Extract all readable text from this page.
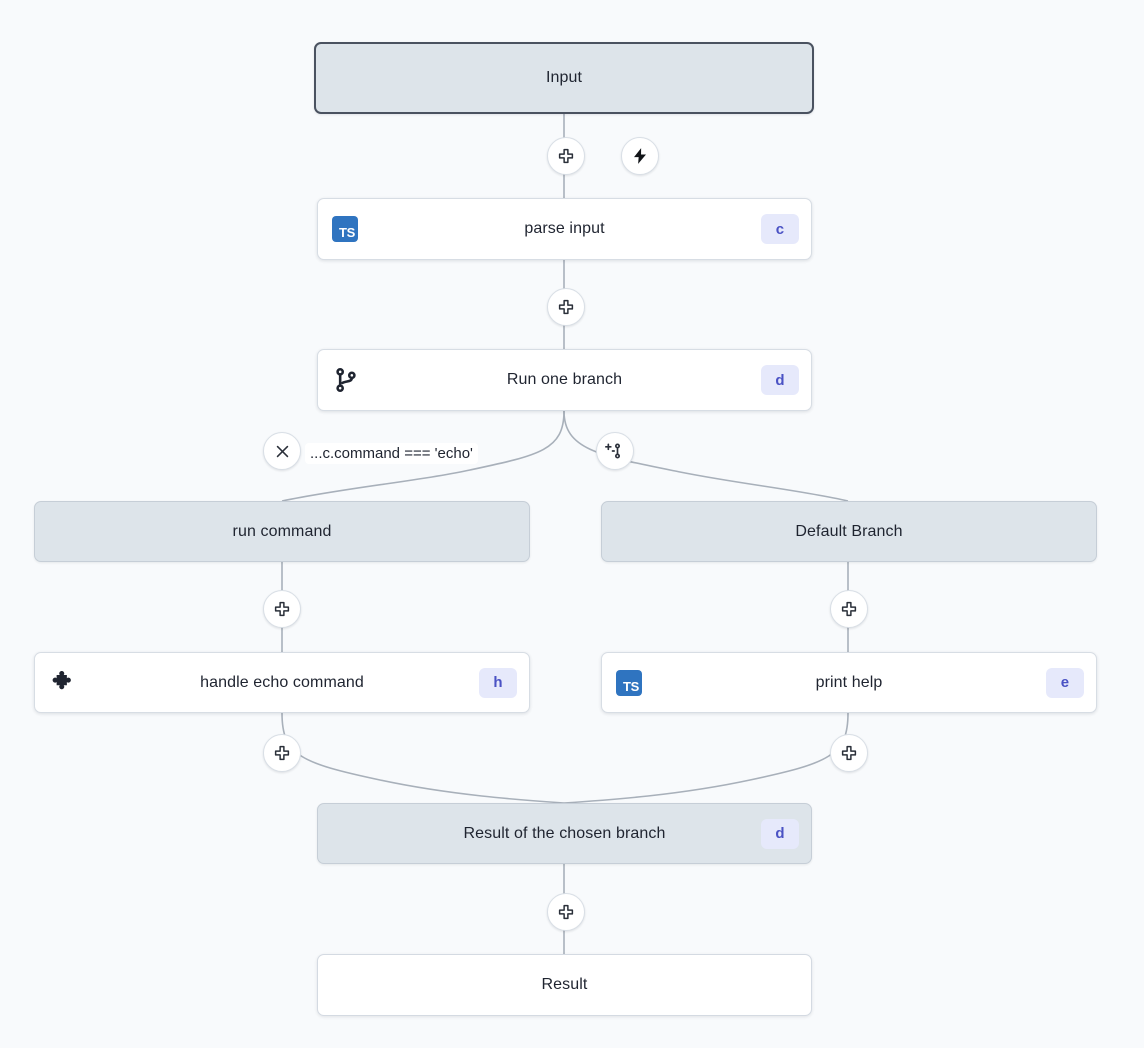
Input
TS	parse input	c
Run one branch	d
run command	Default Branch
handle echo command	h	TS	print help	e
Result of the chosen branch	d
Result
...c.command === 'echo'
